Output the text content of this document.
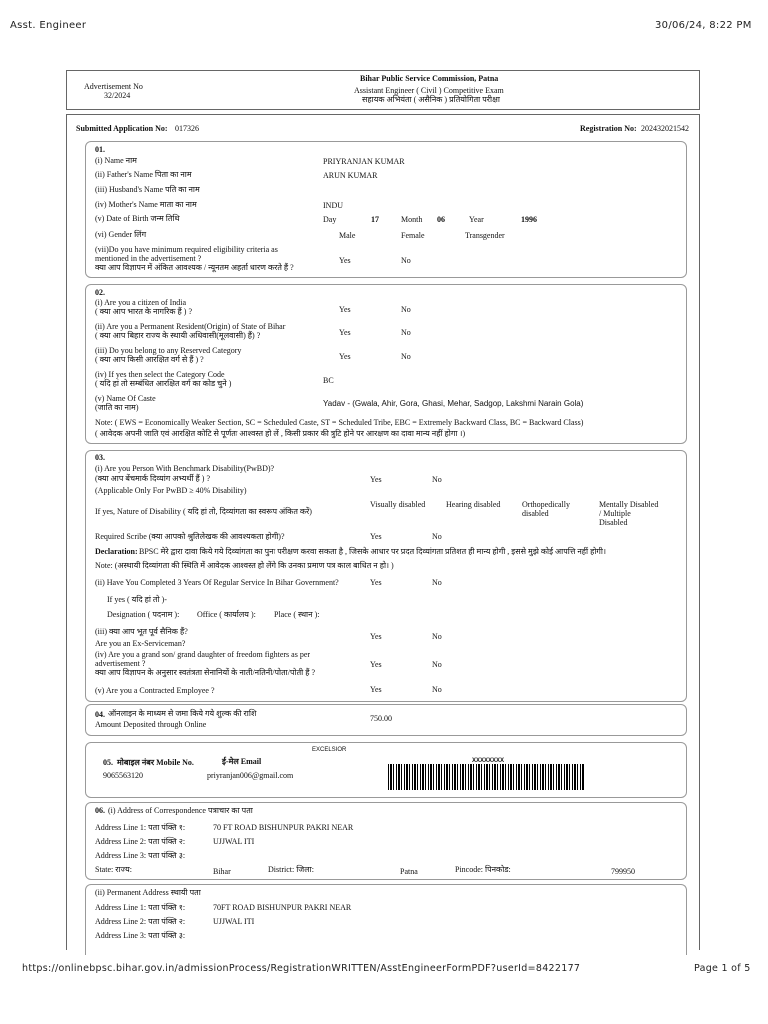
Asst. Engineer	30/06/24, 8:22 PM
https://onlinebpsc.bihar.gov.in/admissionProcess/RegistrationWRITTEN/AsstEngineerFormPDF?userId=8422177	Page 1 of 5
Advertisement No
32/2024
Bihar Public Service Commission, Patna
Assistant Engineer ( Civil ) Competitive Exam
सहायक अभियंता ( असैनिक ) प्रतियोगिता परीक्षा
Submitted Application No: 017326	Registration No: 202432021542
01.
(i) Name नाम	PRIYRANJAN KUMAR
(ii) Father's Name पिता का नाम	ARUN KUMAR
(iii) Husband's Name पति का नाम
(iv) Mother's Name माता का नाम	INDU
(v) Date of Birth जन्म तिथि	Day	17	Month 06	Year	1996
(vi) Gender लिंग	Male	Female	Transgender
(vii)Do you have minimum required eligibility criteria as
mentioned in the advertisement ?
क्या आप विज्ञापन में अंकित आवश्यक / न्यूनतम अहर्ता धारण करते हैं ?
Yes	No
02.
(i) Are you a citizen of India
( क्या आप भारत के नागरिक हैं ) ?	Yes	No
(ii) Are you a Permanent Resident(Origin) of State of Bihar
( क्या आप बिहार राज्य के स्थायी अधिवासी(मूलवासी) हैं) ?	Yes	No
(iii) Do you belong to any Reserved Category
( क्या आप किसी आरक्षित वर्ग से हैं ) ?	Yes	No
(iv) If yes then select the Category Code
( यदि हां तो सम्बंधित आरक्षित वर्ग का कोड चुने )	BC
(v) Name Of Caste
(जाति का नाम)	Yadav - (Gwala, Ahir, Gora, Ghasi, Mehar, Sadgop, Lakshmi Narain Gola)
Note: ( EWS = Economically Weaker Section, SC = Scheduled Caste, ST = Scheduled Tribe, EBC = Extremely Backward Class, BC = Backward Class)
( आवेदक अपनी जाति एवं आरक्षित कोटि से पूर्णतः आश्वस्त हो लें , किसी प्रकार की त्रुटि होने पर आरक्षण का दावा मान्य नहीं होगा ।)
03.
(i) Are you Person With Benchmark Disability(PwBD)?
(क्या आप बेंचमार्क दिव्यांग अभ्यर्थी हैं ) ?
(Applicable Only For PwBD ≥ 40% Disability)
Yes	No
If yes, Nature of Disability ( यदि हां तो, दिव्यांगता का स्वरूप अंकित करें)
Visually disabled	Hearing disabled	Orthopedically
disabled
Mentally Disabled
/ Multiple
Disabled
Required Scribe (क्या आपको श्रुतिलेखक की आवश्यकता होगी)?	Yes	No
Declaration: BPSC मेरे द्वारा दावा किये गये दिव्यांगता का पुनः परीक्षण करवा सकता है , जिसके आधार पर प्रदत दिव्यांगता प्रतिशत ही मान्य होगी , इससे मुझे कोई आपत्ति नहीं होगी।
Note: (अस्थायी दिव्यांगता की स्थिति में आवेदक आश्वस्त हो लेंगे कि उनका प्रमाण पत्र काल बाधित न हो। )
(ii) Have You Completed 3 Years Of Regular Service In Bihar Government?	Yes	No
If yes ( यदि हां तो )-
Designation ( पदनाम ): Office ( कार्यालय ): Place ( स्थान ):
(iii) क्या आप भूत पूर्व सैनिक हैं?
Are you an Ex-Serviceman?
Yes	No
(iv) Are you a grand son/ grand daughter of freedom fighters as per
advertisement ?
क्या आप विज्ञापन के अनुसार स्वतंत्रता सेनानियों के नाती/नतिनी/पोता/पोती हैं ?
Yes	No
(v) Are you a Contracted Employee ?	Yes	No
04. ऑनलाइन के माध्यम से जमा किये गये शुल्क की राशि
Amount Deposited through Online
750.00
05. मोबाइल नंबर Mobile No.	ई-मेल Email
9065563120	priyranjan006@gmail.com
EXCELSIOR
XXXXXXXX
06. (i) Address of Correspondence पत्राचार का पता
Address Line 1: पता पंक्ति १:	70 FT ROAD BISHUNPUR PAKRI NEAR
Address Line 2: पता पंक्ति २:	UJJWAL ITI
Address Line 3: पता पंक्ति ३:
State: राज्य:	Bihar	District: जिला:	Patna	Pincode: पिनकोड:	799950
(ii) Permanent Address स्थायी पता
Address Line 1: पता पंक्ति १:	70FT ROAD BISHUNPUR PAKRI NEAR
Address Line 2: पता पंक्ति २:	UJJWAL ITI
Address Line 3: पता पंक्ति ३:
